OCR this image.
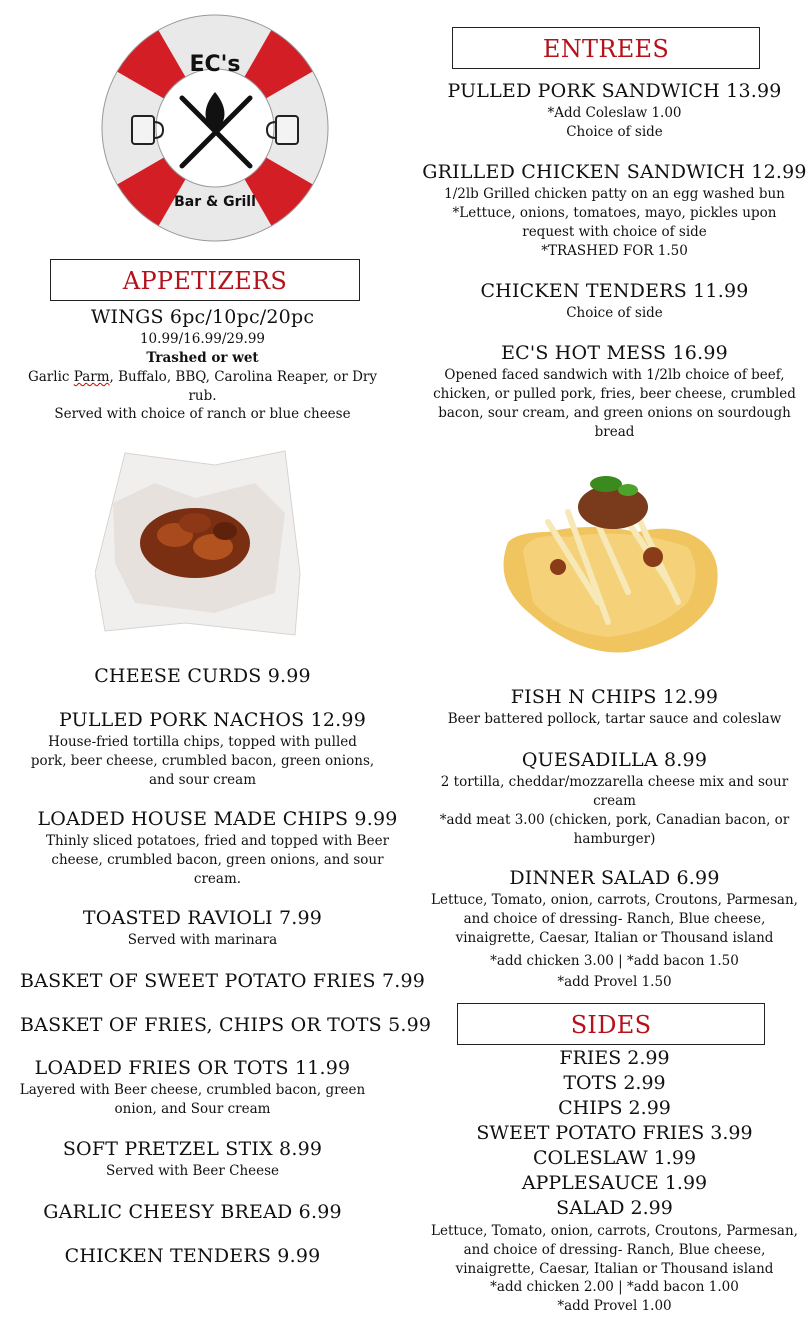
EC's
Bar & Grill
APPETIZERS
WINGS 6pc/10pc/20pc
10.99/16.99/29.99
Trashed or wet
Garlic Parm, Buffalo, BBQ, Carolina Reaper, or Dry
rub.
Served with choice of ranch or blue cheese
CHEESE CURDS 9.99
PULLED PORK NACHOS 12.99
House-fried tortilla chips, topped with pulled
pork, beer cheese, crumbled bacon, green onions,
and sour cream
LOADED HOUSE MADE CHIPS 9.99
Thinly sliced potatoes, fried and topped with Beer
cheese, crumbled bacon, green onions, and sour
cream.
TOASTED RAVIOLI 7.99
Served with marinara
BASKET OF SWEET POTATO FRIES 7.99
BASKET OF FRIES, CHIPS OR TOTS 5.99
LOADED FRIES OR TOTS 11.99
Layered with Beer cheese, crumbled bacon, green
onion, and Sour cream
SOFT PRETZEL STIX 8.99
Served with Beer Cheese
GARLIC CHEESY BREAD 6.99
CHICKEN TENDERS 9.99
ENTREES
PULLED PORK SANDWICH 13.99
*Add Coleslaw 1.00
Choice of side
GRILLED CHICKEN SANDWICH 12.99
1/2lb Grilled chicken patty on an egg washed bun
*Lettuce, onions, tomatoes, mayo, pickles upon
request with choice of side
*TRASHED FOR 1.50
CHICKEN TENDERS 11.99
Choice of side
EC'S HOT MESS 16.99
Opened faced sandwich with 1/2lb choice of beef,
chicken, or pulled pork, fries, beer cheese, crumbled
bacon, sour cream, and green onions on sourdough
bread
FISH N CHIPS 12.99
Beer battered pollock, tartar sauce and coleslaw
QUESADILLA 8.99
2 tortilla, cheddar/mozzarella cheese mix and sour
cream
*add meat 3.00 (chicken, pork, Canadian bacon, or
hamburger)
DINNER SALAD 6.99
Lettuce, Tomato, onion, carrots, Croutons, Parmesan,
and choice of dressing- Ranch, Blue cheese,
vinaigrette, Caesar, Italian or Thousand island
*add chicken 3.00 | *add bacon 1.50
*add Provel 1.50
SIDES
FRIES 2.99
TOTS 2.99
CHIPS 2.99
SWEET POTATO FRIES 3.99
COLESLAW 1.99
APPLESAUCE 1.99
SALAD 2.99
Lettuce, Tomato, onion, carrots, Croutons, Parmesan,
and choice of dressing- Ranch, Blue cheese,
vinaigrette, Caesar, Italian or Thousand island
*add chicken 2.00 | *add bacon 1.00
*add Provel 1.00
